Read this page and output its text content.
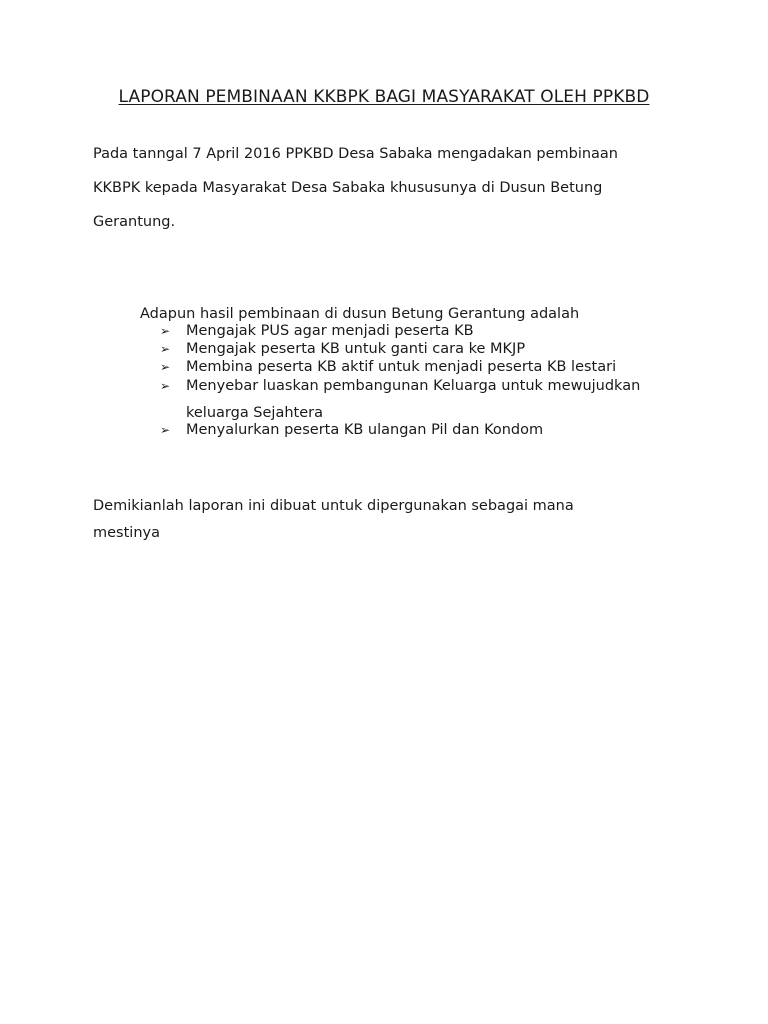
LAPORAN PEMBINAAN KKBPK BAGI MASYARAKAT OLEH PPKBD

Pada tanngal 7 April 2016 PPKBD Desa Sabaka mengadakan pembinaan

KKBPK kepada Masyarakat Desa Sabaka khususunya di Dusun Betung

Gerantung.

Adapun hasil pembinaan di dusun Betung Gerantung adalah

➢ Mengajak PUS agar menjadi peserta KB
➢ Mengajak peserta KB untuk ganti cara ke MKJP
➢ Membina peserta KB aktif untuk menjadi peserta KB lestari
➢ Menyebar luaskan pembangunan Keluarga untuk mewujudkan

keluarga Sejahtera

➢ Menyalurkan peserta KB ulangan Pil dan Kondom

Demikianlah laporan ini dibuat untuk dipergunakan sebagai mana

mestinya
